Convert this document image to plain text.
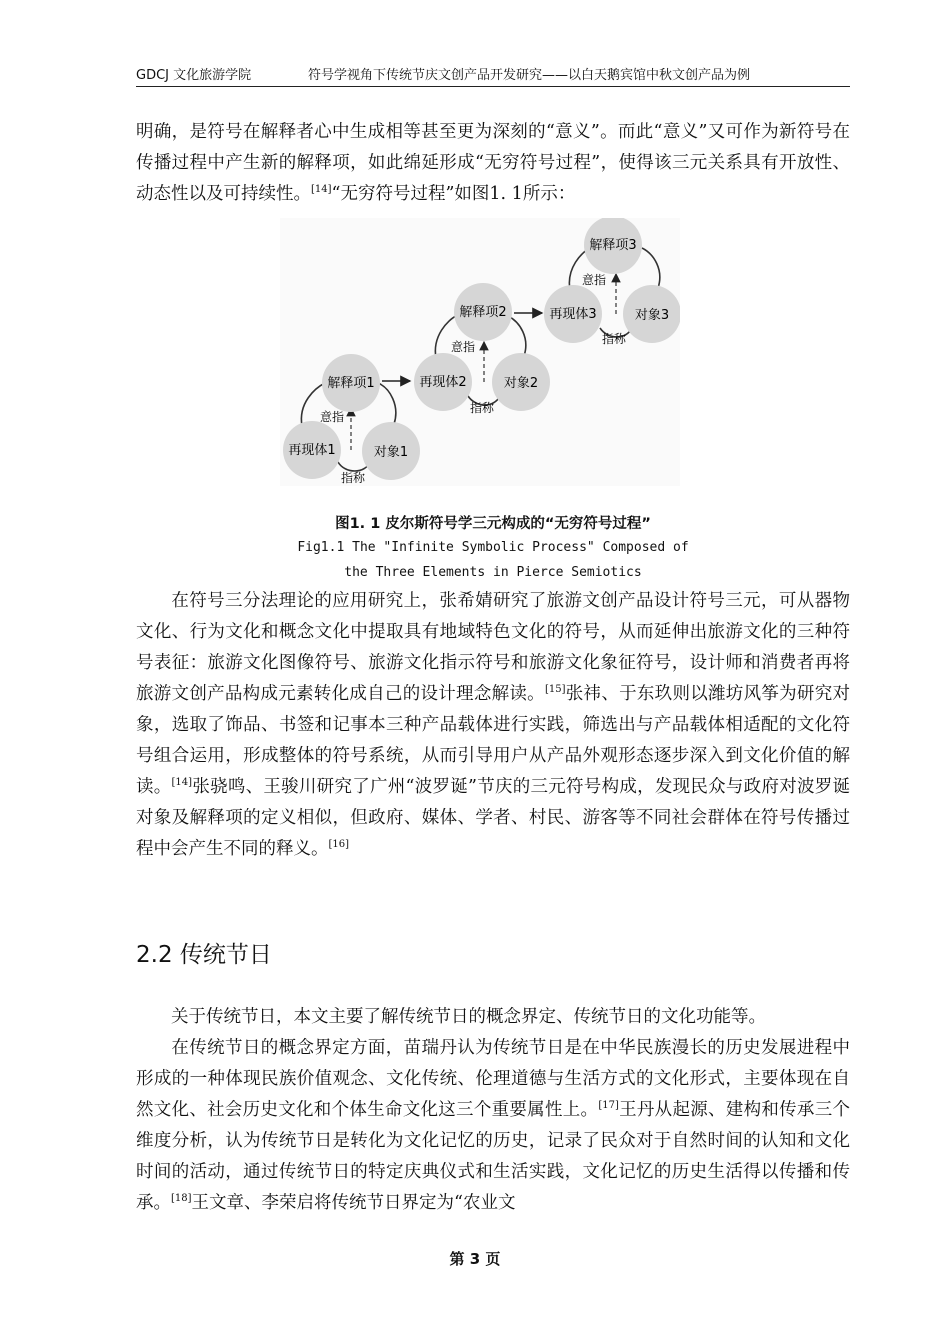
GDCJ 文化旅游学院	符号学视角下传统节庆文创产品开发研究——以白天鹅宾馆中秋文创产品为例

明确，是符号在解释者心中生成相等甚至更为深刻的“意义”。而此“意义”又可作为新符号在传播过程中产生新的解释项，如此绵延形成“无穷符号过程”，使得该三元关系具有开放性、动态性以及可持续性。[14]“无穷符号过程”如图1. 1所示：

解释项1
再现体1	对象1
意指
指称
解释项2
再现体2	对象2
意指
指称
解释项3
再现体3	对象3
意指
指称
图1. 1 皮尔斯符号学三元构成的“无穷符号过程”
Fig1.1 The "Infinite Symbolic Process" Composed of
the Three Elements in Pierce Semiotics

在符号三分法理论的应用研究上，张希婧研究了旅游文创产品设计符号三元，可从器物文化、行为文化和概念文化中提取具有地域特色文化的符号，从而延伸出旅游文化的三种符号表征：旅游文化图像符号、旅游文化指示符号和旅游文化象征符号，设计师和消费者再将旅游文创产品构成元素转化成自己的设计理念解读。[15]张祎、于东玖则以潍坊风筝为研究对象，选取了饰品、书签和记事本三种产品载体进行实践，筛选出与产品载体相适配的文化符号组合运用，形成整体的符号系统，从而引导用户从产品外观形态逐步深入到文化价值的解读。[14]张骁鸣、王骏川研究了广州“波罗诞”节庆的三元符号构成，发现民众与政府对波罗诞对象及解释项的定义相似，但政府、媒体、学者、村民、游客等不同社会群体在符号传播过程中会产生不同的释义。[16]

2.2 传统节日

关于传统节日，本文主要了解传统节日的概念界定、传统节日的文化功能等。

在传统节日的概念界定方面，苗瑞丹认为传统节日是在中华民族漫长的历史发展进程中形成的一种体现民族价值观念、文化传统、伦理道德与生活方式的文化形式，主要体现在自然文化、社会历史文化和个体生命文化这三个重要属性上。[17]王丹从起源、建构和传承三个维度分析，认为传统节日是转化为文化记忆的历史，记录了民众对于自然时间的认知和文化时间的活动，通过传统节日的特定庆典仪式和生活实践，文化记忆的历史生活得以传播和传承。[18]王文章、李荣启将传统节日界定为“农业文

第 3 页
